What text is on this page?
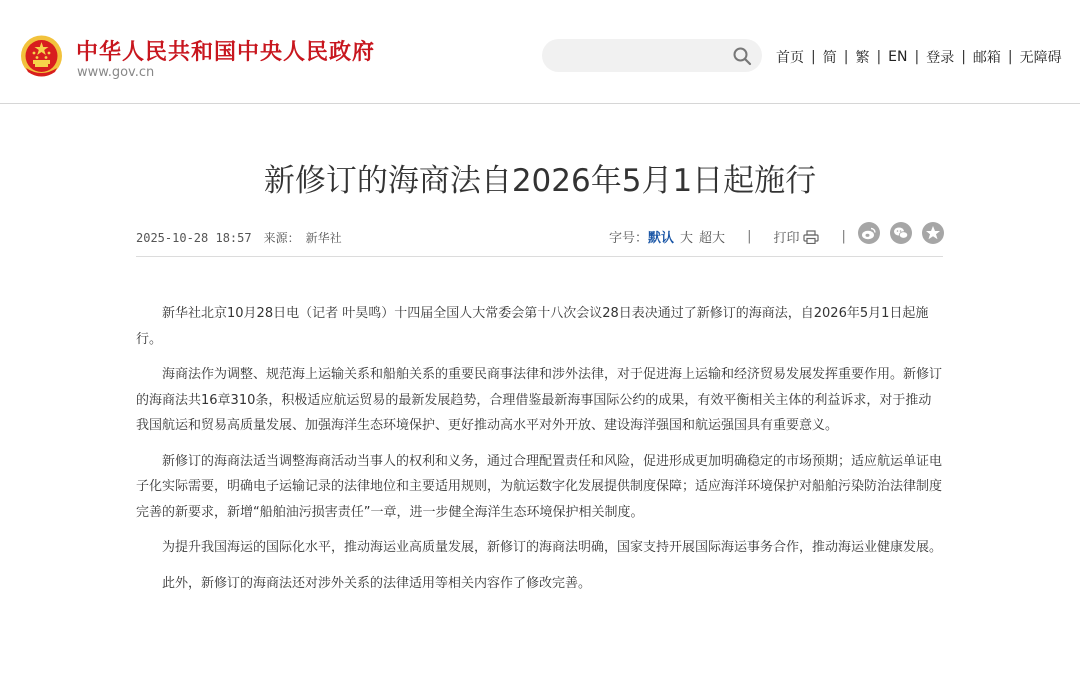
中华人民共和国中央人民政府
www.gov.cn
首页 | 简 | 繁 | EN | 登录 | 邮箱 | 无障碍
新修订的海商法自2026年5月1日起施行
2025-10-28 18:57 来源： 新华社	字号： 默认 大 超大 | 打印	|

新华社北京10月28日电（记者 叶昊鸣）十四届全国人大常委会第十八次会议28日表决通过了新修订的海商法，自2026年5月1日起施行。

海商法作为调整、规范海上运输关系和船舶关系的重要民商事法律和涉外法律，对于促进海上运输和经济贸易发展发挥重要作用。新修订的海商法共16章310条，积极适应航运贸易的最新发展趋势，合理借鉴最新海事国际公约的成果，有效平衡相关主体的利益诉求，对于推动我国航运和贸易高质量发展、加强海洋生态环境保护、更好推动高水平对外开放、建设海洋强国和航运强国具有重要意义。

新修订的海商法适当调整海商活动当事人的权利和义务，通过合理配置责任和风险，促进形成更加明确稳定的市场预期；适应航运单证电子化实际需要，明确电子运输记录的法律地位和主要适用规则，为航运数字化发展提供制度保障；适应海洋环境保护对船舶污染防治法律制度完善的新要求，新增“船舶油污损害责任”一章，进一步健全海洋生态环境保护相关制度。

为提升我国海运的国际化水平，推动海运业高质量发展，新修订的海商法明确，国家支持开展国际海运事务合作，推动海运业健康发展。

此外，新修订的海商法还对涉外关系的法律适用等相关内容作了修改完善。
